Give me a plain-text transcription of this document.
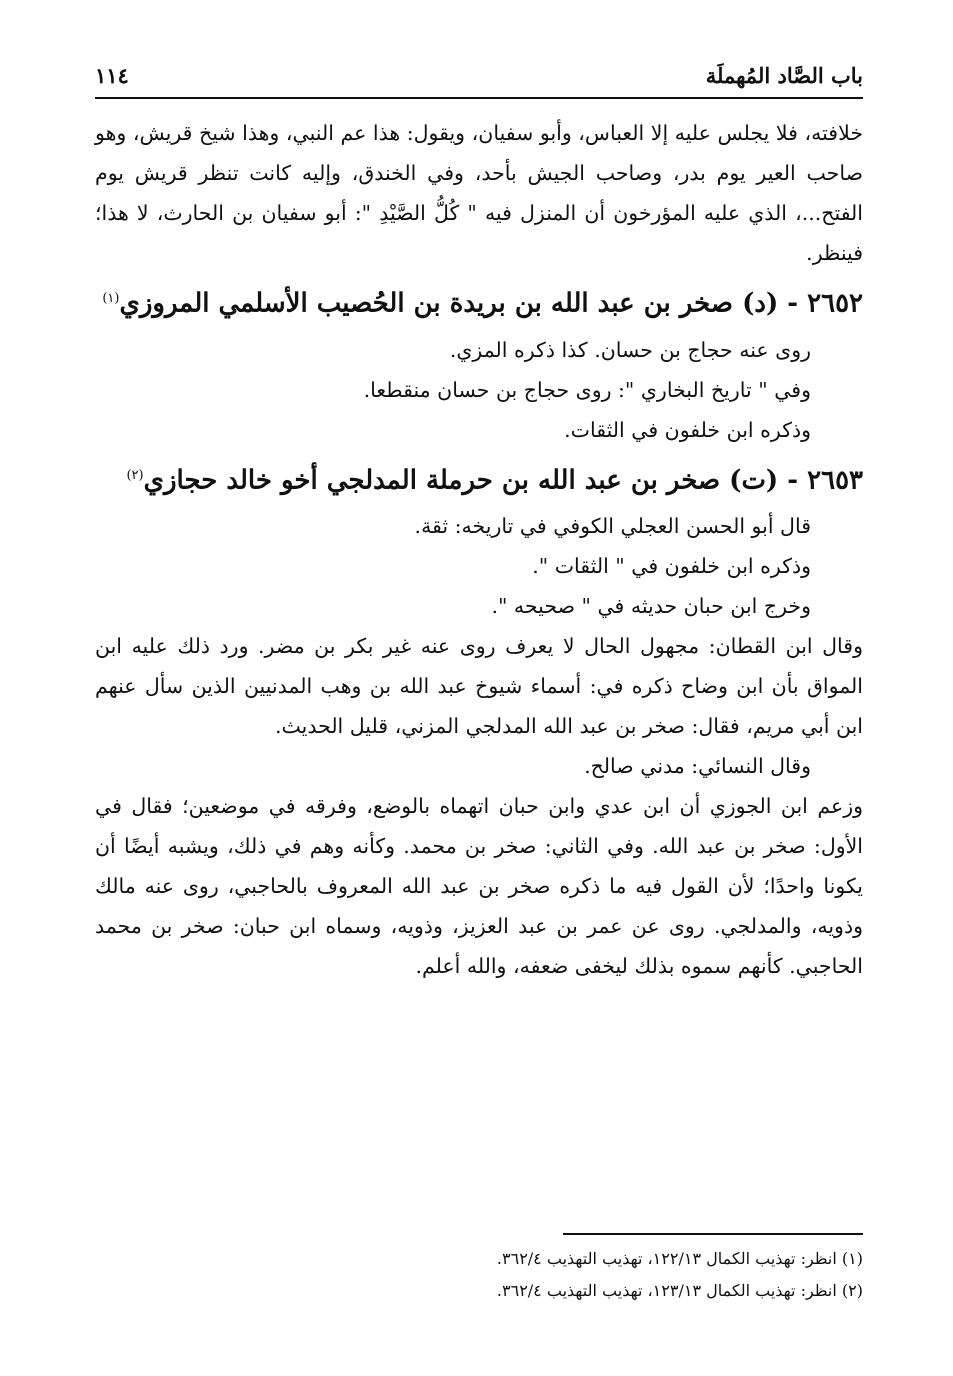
باب الصَّاد المُهملَة
١١٤

خلافته، فلا يجلس عليه إلا العباس، وأبو سفيان، ويقول: هذا عم النبي، وهذا شيخ قريش، وهو صاحب العير يوم بدر، وصاحب الجيش بأحد، وفي الخندق، وإليه كانت تنظر قريش يوم الفتح...، الذي عليه المؤرخون أن المنزل فيه " كُلُّ الصَّيْدِ ": أبو سفيان بن الحارث، لا هذا؛ فينظر.

٢٦٥٢ - (د) صخر بن عبد الله بن بريدة بن الحُصيب الأسلمي المروزي$^{(١)}$

روى عنه حجاج بن حسان. كذا ذكره المزي.

وفي " تاريخ البخاري ": روى حجاج بن حسان منقطعا.

وذكره ابن خلفون في الثقات.

٢٦٥٣ - (ت) صخر بن عبد الله بن حرملة المدلجي أخو خالد حجازي$^{(٢)}$

قال أبو الحسن العجلي الكوفي في تاريخه: ثقة.

وذكره ابن خلفون في " الثقات ".

وخرج ابن حبان حديثه في " صحيحه ".

وقال ابن القطان: مجهول الحال لا يعرف روى عنه غير بكر بن مضر. ورد ذلك عليه ابن المواق بأن ابن وضاح ذكره في: أسماء شيوخ عبد الله بن وهب المدنيين الذين سأل عنهم ابن أبي مريم، فقال: صخر بن عبد الله المدلجي المزني، قليل الحديث.

وقال النسائي: مدني صالح.

وزعم ابن الجوزي أن ابن عدي وابن حبان اتهماه بالوضع، وفرقه في موضعين؛ فقال في الأول: صخر بن عبد الله. وفي الثاني: صخر بن محمد. وكأنه وهم في ذلك، ويشبه أيضًا أن يكونا واحدًا؛ لأن القول فيه ما ذكره صخر بن عبد الله المعروف بالحاجبي، روى عنه مالك وذويه، والمدلجي. روى عن عمر بن عبد العزيز، وذويه، وسماه ابن حبان: صخر بن محمد الحاجبي. كأنهم سموه بذلك ليخفى ضعفه، والله أعلم.

(١) انظر: تهذيب الكمال ١٢٢/١٣، تهذيب التهذيب ٣٦٢/٤.

(٢) انظر: تهذيب الكمال ١٢٣/١٣، تهذيب التهذيب ٣٦٢/٤.
